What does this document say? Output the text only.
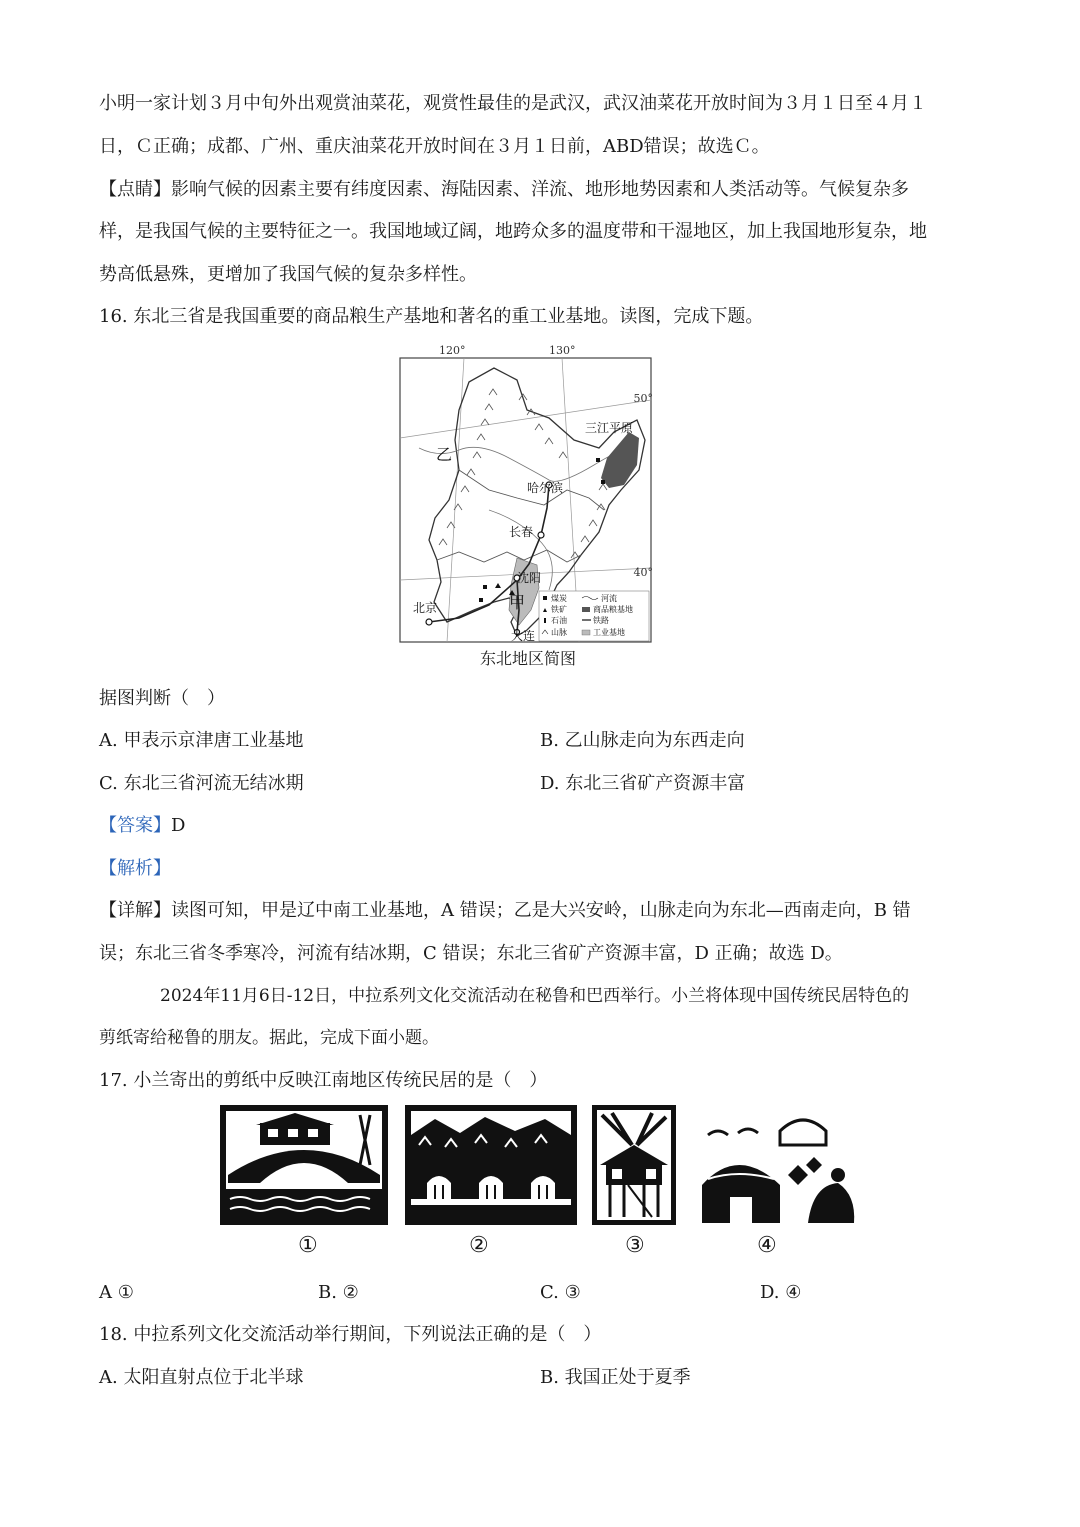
小明一家计划３月中旬外出观赏油菜花，观赏性最佳的是武汉，武汉油菜花开放时间为３月１日至４月１
日，Ｃ正确；成都、广州、重庆油菜花开放时间在３月１日前，ABD错误；故选Ｃ。
【点睛】影响气候的因素主要有纬度因素、海陆因素、洋流、地形地势因素和人类活动等。气候复杂多
样，是我国气候的主要特征之一。我国地域辽阔，地跨众多的温度带和干湿地区，加上我国地形复杂，地
势高低悬殊，更增加了我国气候的复杂多样性。
16. 东北三省是我国重要的商品粮生产基地和著名的重工业基地。读图，完成下题。
120°	130°
50°
40°
三江平原
乙
哈尔滨
长春
沈阳
甲
北京
大连
煤炭	河流
铁矿	商品粮基地
石油	铁路
山脉	工业基地
东北地区简图
据图判断（　）
A. 甲表示京津唐工业基地	B. 乙山脉走向为东西走向
C. 东北三省河流无结冰期	D. 东北三省矿产资源丰富
【答案】D
【解析】
【详解】读图可知，甲是辽中南工业基地，A 错误；乙是大兴安岭，山脉走向为东北—西南走向，B 错
误；东北三省冬季寒冷，河流有结冰期，C 错误；东北三省矿产资源丰富，D 正确；故选 D。
2024年11月6日-12日，中拉系列文化交流活动在秘鲁和巴西举行。小兰将体现中国传统民居特色的
剪纸寄给秘鲁的朋友。据此，完成下面小题。
17. 小兰寄出的剪纸中反映江南地区传统民居的是（　）
①	②	③	④
A ①	B. ②	C. ③	D. ④
18. 中拉系列文化交流活动举行期间，下列说法正确的是（　）
A. 太阳直射点位于北半球	B. 我国正处于夏季
